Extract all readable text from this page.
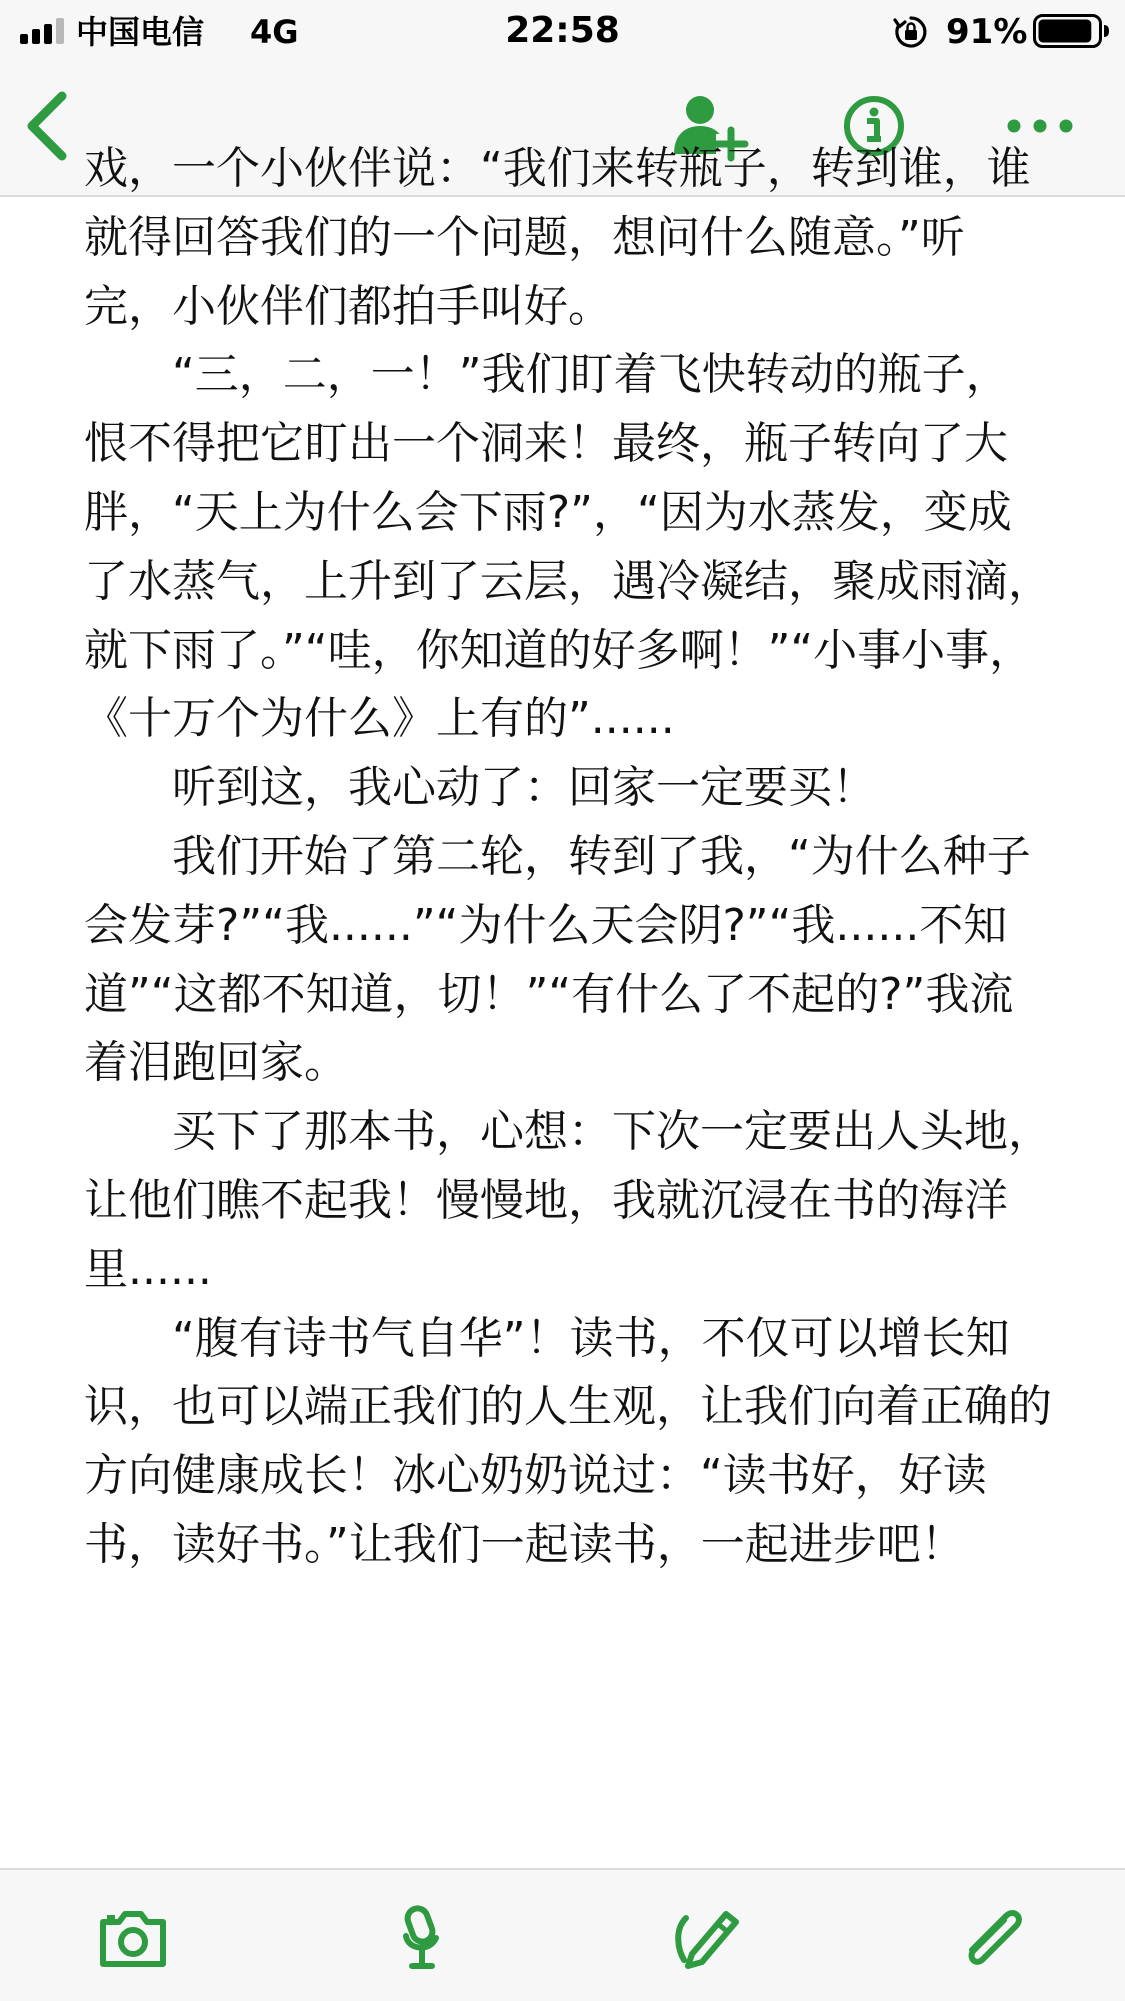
中国电信 4G	22:58	91%

戏，一个小伙伴说：“我们来转瓶子，转到谁，谁就得回答我们的一个问题，想问什么随意。”听完，小伙伴们都拍手叫好。

“三，二，一！”我们盯着飞快转动的瓶子，恨不得把它盯出一个洞来！最终，瓶子转向了大胖，“天上为什么会下雨?”，“因为水蒸发，变成了水蒸气，上升到了云层，遇冷凝结，聚成雨滴，就下雨了。”“哇，你知道的好多啊！”“小事小事，《十万个为什么》上有的”......

听到这，我心动了：回家一定要买！

我们开始了第二轮，转到了我，“为什么种子会发芽?”“我......”“为什么天会阴?”“我......不知道”“这都不知道，切！”“有什么了不起的?”我流着泪跑回家。

买下了那本书，心想：下次一定要出人头地，让他们瞧不起我！慢慢地，我就沉浸在书的海洋里......

“腹有诗书气自华”！读书，不仅可以增长知识，也可以端正我们的人生观，让我们向着正确的方向健康成长！冰心奶奶说过：“读书好，好读书，读好书。”让我们一起读书，一起进步吧！
